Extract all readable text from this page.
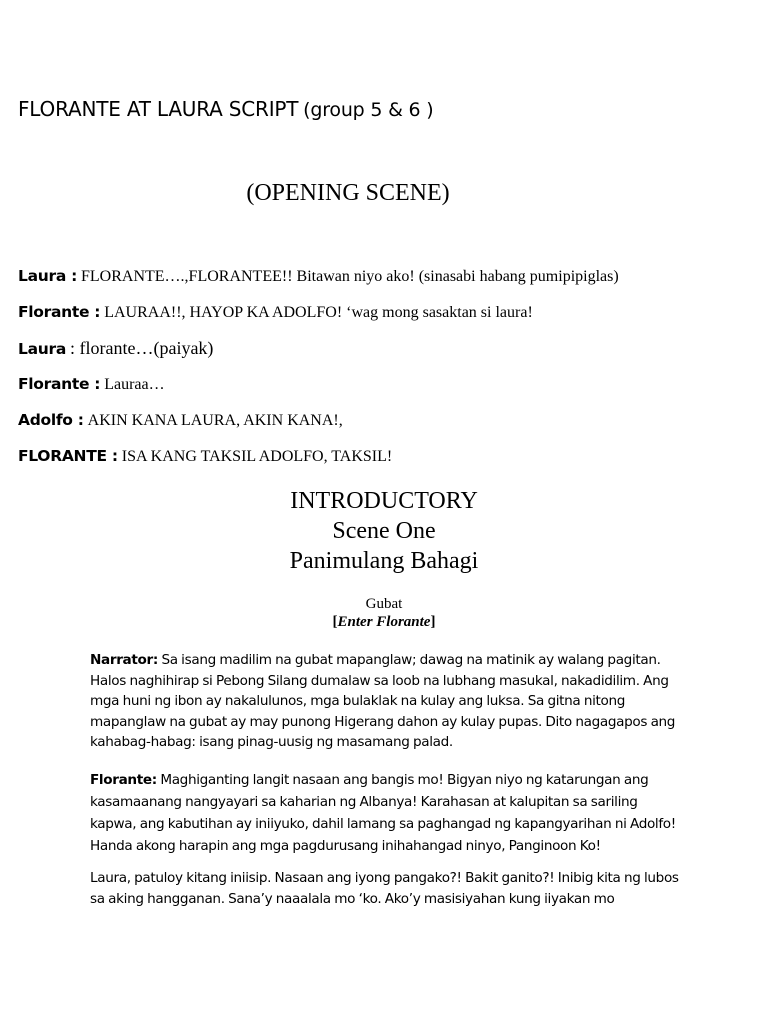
FLORANTE AT LAURA SCRIPT (group 5 & 6 )
(OPENING SCENE)
Laura : FLORANTE….,FLORANTEE!! Bitawan niyo ako! (sinasabi habang pumipipiglas)
Florante : LAURAA!!, HAYOP KA ADOLFO! ‘wag mong sasaktan si laura!
Laura : florante…(paiyak)
Florante : Lauraa…
Adolfo : AKIN KANA LAURA, AKIN KANA!,
FLORANTE : ISA KANG TAKSIL ADOLFO, TAKSIL!
INTRODUCTORY
Scene One
Panimulang Bahagi
Gubat
[Enter Florante]
Narrator: Sa isang madilim na gubat mapanglaw; dawag na matinik ay walang pagitan. Halos naghihirap si Pebong Silang dumalaw sa loob na lubhang masukal, nakadidilim. Ang mga huni ng ibon ay nakalulunos, mga bulaklak na kulay ang luksa. Sa gitna nitong mapanglaw na gubat ay may punong Higerang dahon ay kulay pupas. Dito nagagapos ang kahabag-habag: isang pinag-uusig ng masamang palad.
Florante: Maghiganting langit nasaan ang bangis mo! Bigyan niyo ng katarungan ang kasamaanang nangyayari sa kaharian ng Albanya! Karahasan at kalupitan sa sariling kapwa, ang kabutihan ay iniiyuko, dahil lamang sa paghangad ng kapangyarihan ni Adolfo! Handa akong harapin ang mga pagdurusang inihahangad ninyo, Panginoon Ko!
Laura, patuloy kitang iniisip. Nasaan ang iyong pangako?! Bakit ganito?! Inibig kita ng lubos sa aking hangganan. Sana’y naaalala mo ‘ko. Ako’y masisiyahan kung iiyakan mo
